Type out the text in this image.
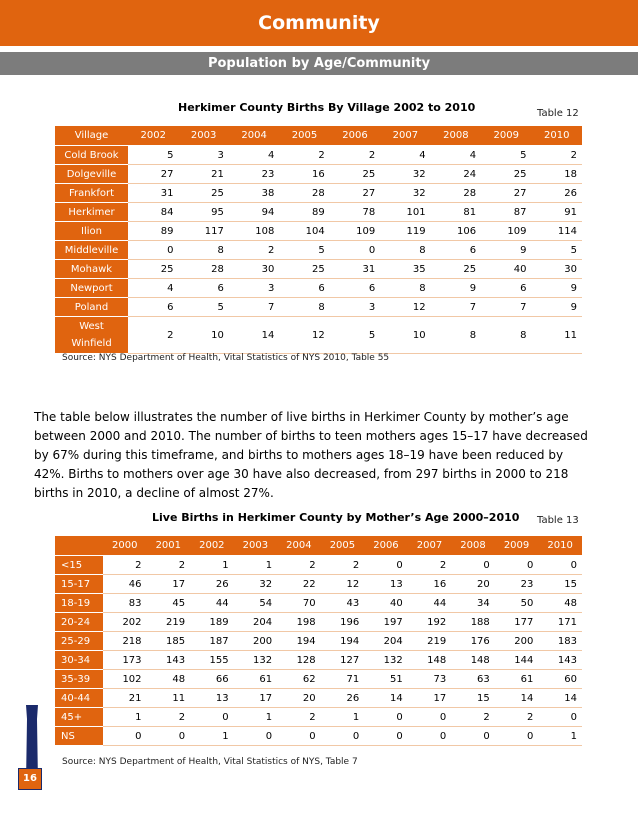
Community
Population by Age/Community
Herkimer County Births By Village 2002 to 2010	Table 12
Village	2002	2003	2004	2005	2006	2007	2008	2009	2010
Cold Brook	5	3	4	2	2	4	4	5	2
Dolgeville	27	21	23	16	25	32	24	25	18
Frankfort	31	25	38	28	27	32	28	27	26
Herkimer	84	95	94	89	78	101	81	87	91
Ilion	89	117	108	104	109	119	106	109	114
Middleville	0	8	2	5	0	8	6	9	5
Mohawk	25	28	30	25	31	35	25	40	30
Newport	4	6	3	6	6	8	9	6	9
Poland	6	5	7	8	3	12	7	7	9

West
Winfield	2	10	14	12	5	10	8	8	11
Source: NYS Department of Health, Vital Statistics of NYS 2010, Table 55
The table below illustrates the number of live births in Herkimer County by mother’s age between 2000 and 2010. The number of births to teen mothers ages 15–17 have decreased by 67% during this timeframe, and births to mothers ages 18–19 have been reduced by 42%. Births to mothers over age 30 have also decreased, from 297 births in 2000 to 218 births in 2010, a decline of almost 27%.
Live Births in Herkimer County by Mother’s Age 2000–2010 Table 13
	2000	2001	2002	2003	2004	2005	2006	2007	2008	2009	2010
<15	2	2	1	1	2	2	0	2	0	0	0
15-17	46	17	26	32	22	12	13	16	20	23	15
18-19	83	45	44	54	70	43	40	44	34	50	48
20-24	202	219	189	204	198	196	197	192	188	177	171
25-29	218	185	187	200	194	194	204	219	176	200	183
30-34	173	143	155	132	128	127	132	148	148	144	143
35-39	102	48	66	61	62	71	51	73	63	61	60
40-44	21	11	13	17	20	26	14	17	15	14	14
45+	1	2	0	1	2	1	0	0	2	2	0
NS	0	0	1	0	0	0	0	0	0	0	1
Source: NYS Department of Health, Vital Statistics of NYS, Table 7
16
